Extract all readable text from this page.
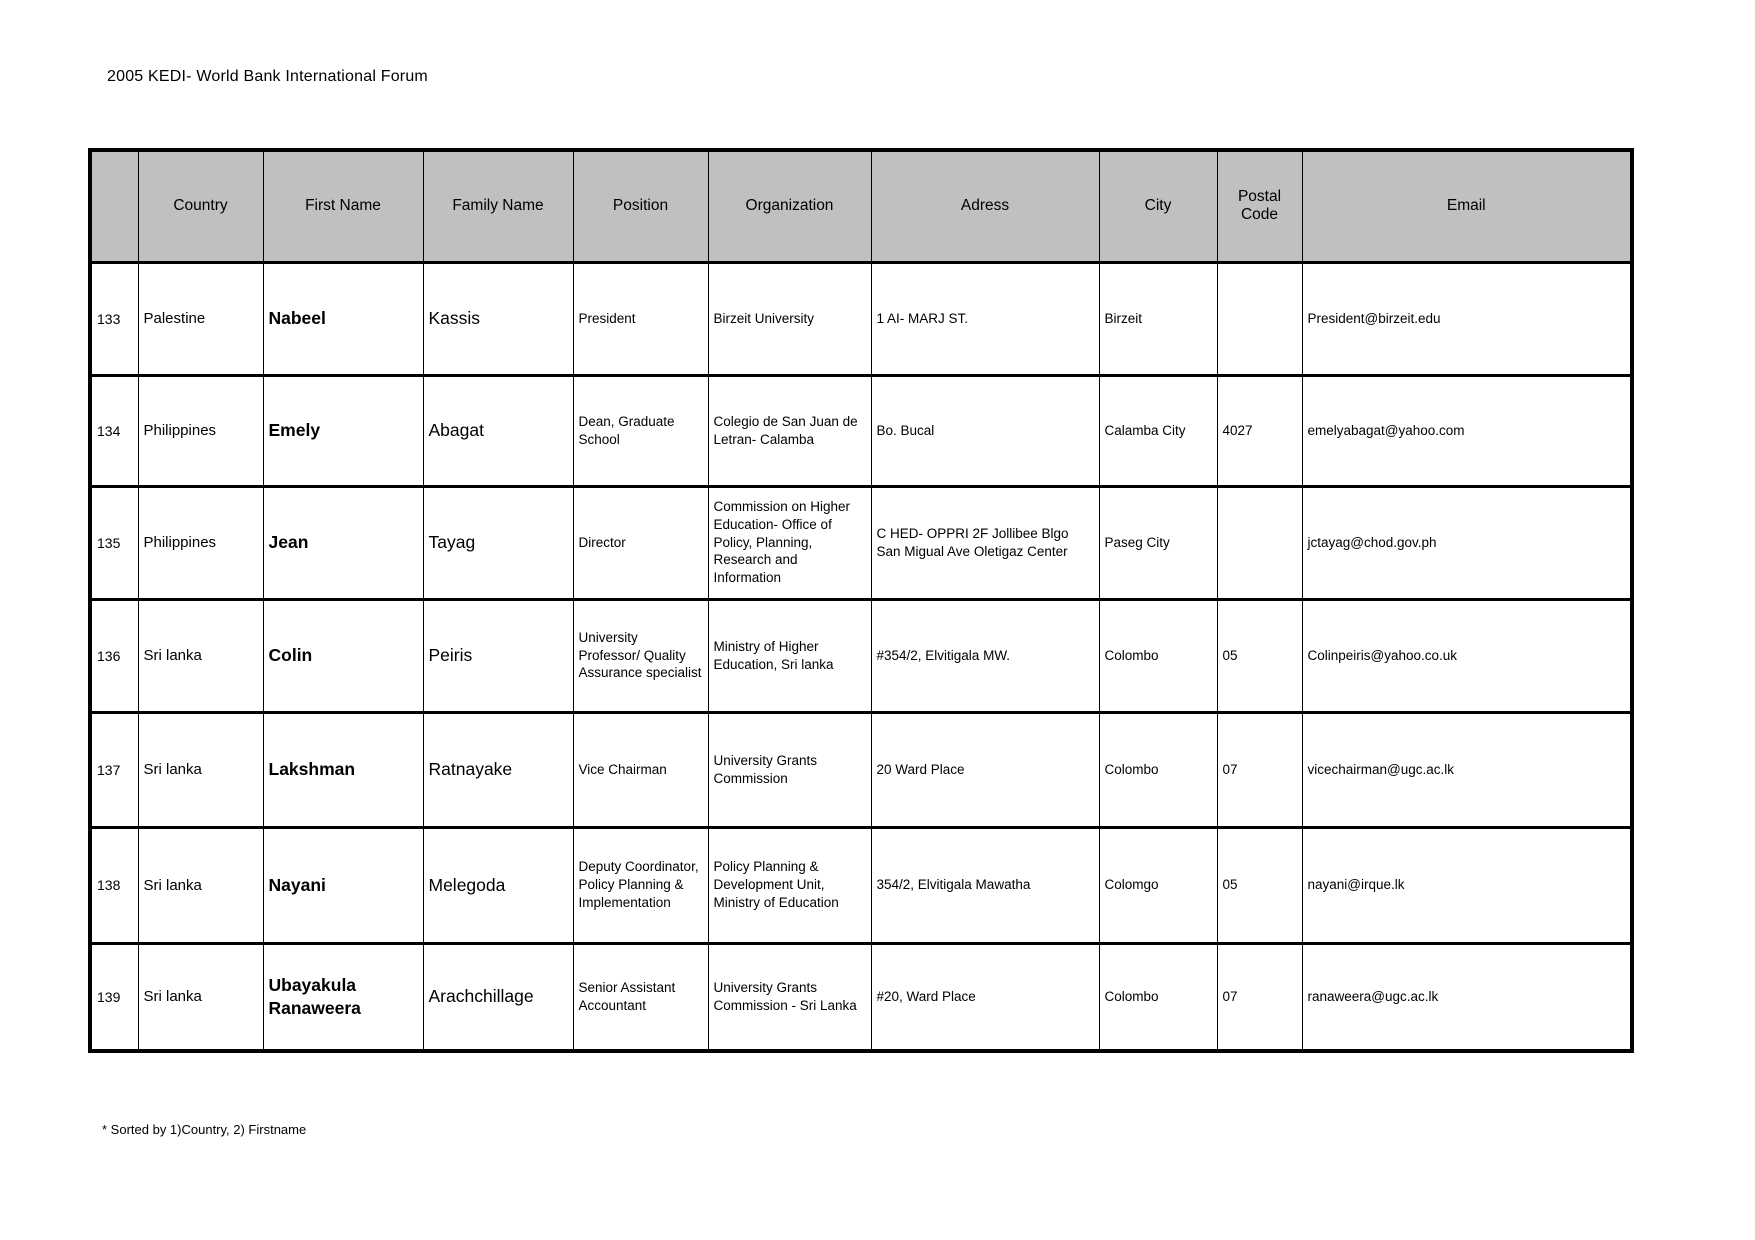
2005 KEDI- World Bank International Forum
	Country	First Name	Family Name	Position	Organization	Adress	City	Postal Code	Email
133	Palestine	Nabeel	Kassis	President	Birzeit University	1 AI- MARJ ST.	Birzeit		President@birzeit.edu
134	Philippines	Emely	Abagat	Dean, Graduate School	Colegio de San Juan de Letran- Calamba	Bo. Bucal	Calamba City	4027	emelyabagat@yahoo.com
135	Philippines	Jean	Tayag	Director	Commission on Higher Education- Office of Policy, Planning, Research and Information	C HED- OPPRI 2F Jollibee Blgo San Migual Ave Oletigaz Center	Paseg City		jctayag@chod.gov.ph
136	Sri lanka	Colin	Peiris	University Professor/ Quality Assurance specialist	Ministry of Higher Education, Sri lanka	#354/2, Elvitigala MW.	Colombo	05	Colinpeiris@yahoo.co.uk
137	Sri lanka	Lakshman	Ratnayake	Vice Chairman	University Grants Commission	20 Ward Place	Colombo	07	vicechairman@ugc.ac.lk
138	Sri lanka	Nayani	Melegoda	Deputy Coordinator, Policy Planning & Implementation	Policy Planning & Development Unit, Ministry of Education	354/2, Elvitigala Mawatha	Colomgo	05	nayani@irque.lk
139	Sri lanka	Ubayakula Ranaweera	Arachchillage	Senior Assistant Accountant	University Grants Commission - Sri Lanka	#20, Ward Place	Colombo	07	ranaweera@ugc.ac.lk
* Sorted by 1)Country, 2) Firstname
